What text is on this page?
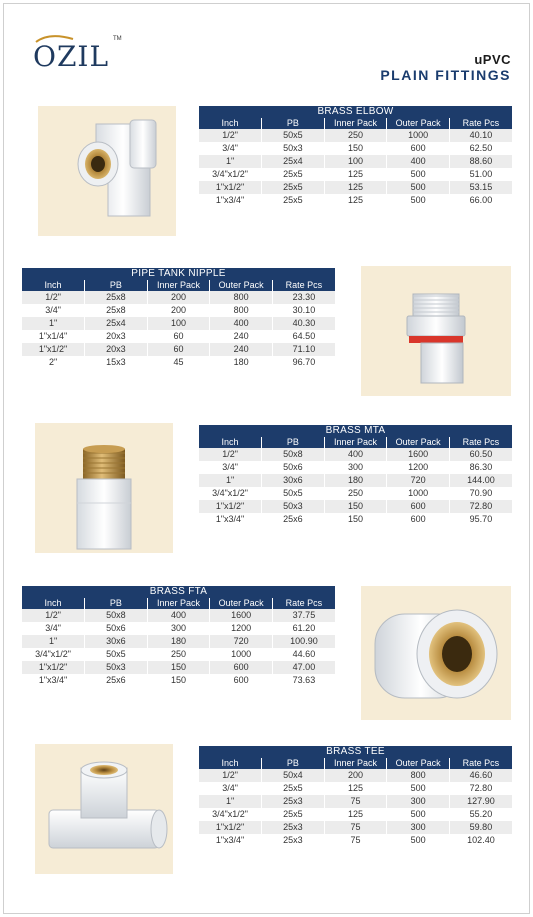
OZIL
TM
uPVC
PLAIN FITTINGS
BRASS ELBOW				
Inch	PB	Inner Pack	Outer Pack	Rate Pcs
1/2"	50x5	250	1000	40.10
3/4"	50x3	150	600	62.50
1"	25x4	100	400	88.60
3/4"x1/2"	25x5	125	500	51.00
1"x1/2"	25x5	125	500	53.15
1"x3/4"	25x5	125	500	66.00
PIPE TANK NIPPLE				
Inch	PB	Inner Pack	Outer Pack	Rate Pcs
1/2"	25x8	200	800	23.30
3/4"	25x8	200	800	30.10
1"	25x4	100	400	40.30
1"x1/4"	20x3	60	240	64.50
1"x1/2"	20x3	60	240	71.10
2"	15x3	45	180	96.70
BRASS MTA				
Inch	PB	Inner Pack	Outer Pack	Rate Pcs
1/2"	50x8	400	1600	60.50
3/4"	50x6	300	1200	86.30
1"	30x6	180	720	144.00
3/4"x1/2"	50x5	250	1000	70.90
1"x1/2"	50x3	150	600	72.80
1"x3/4"	25x6	150	600	95.70
BRASS FTA				
Inch	PB	Inner Pack	Outer Pack	Rate Pcs
1/2"	50x8	400	1600	37.75
3/4"	50x6	300	1200	61.20
1"	30x6	180	720	100.90
3/4"x1/2"	50x5	250	1000	44.60
1"x1/2"	50x3	150	600	47.00
1"x3/4"	25x6	150	600	73.63
BRASS TEE				
Inch	PB	Inner Pack	Outer Pack	Rate Pcs
1/2"	50x4	200	800	46.60
3/4"	25x5	125	500	72.80
1"	25x3	75	300	127.90
3/4"x1/2"	25x5	125	500	55.20
1"x1/2"	25x3	75	300	59.80
1"x3/4"	25x3	75	500	102.40
